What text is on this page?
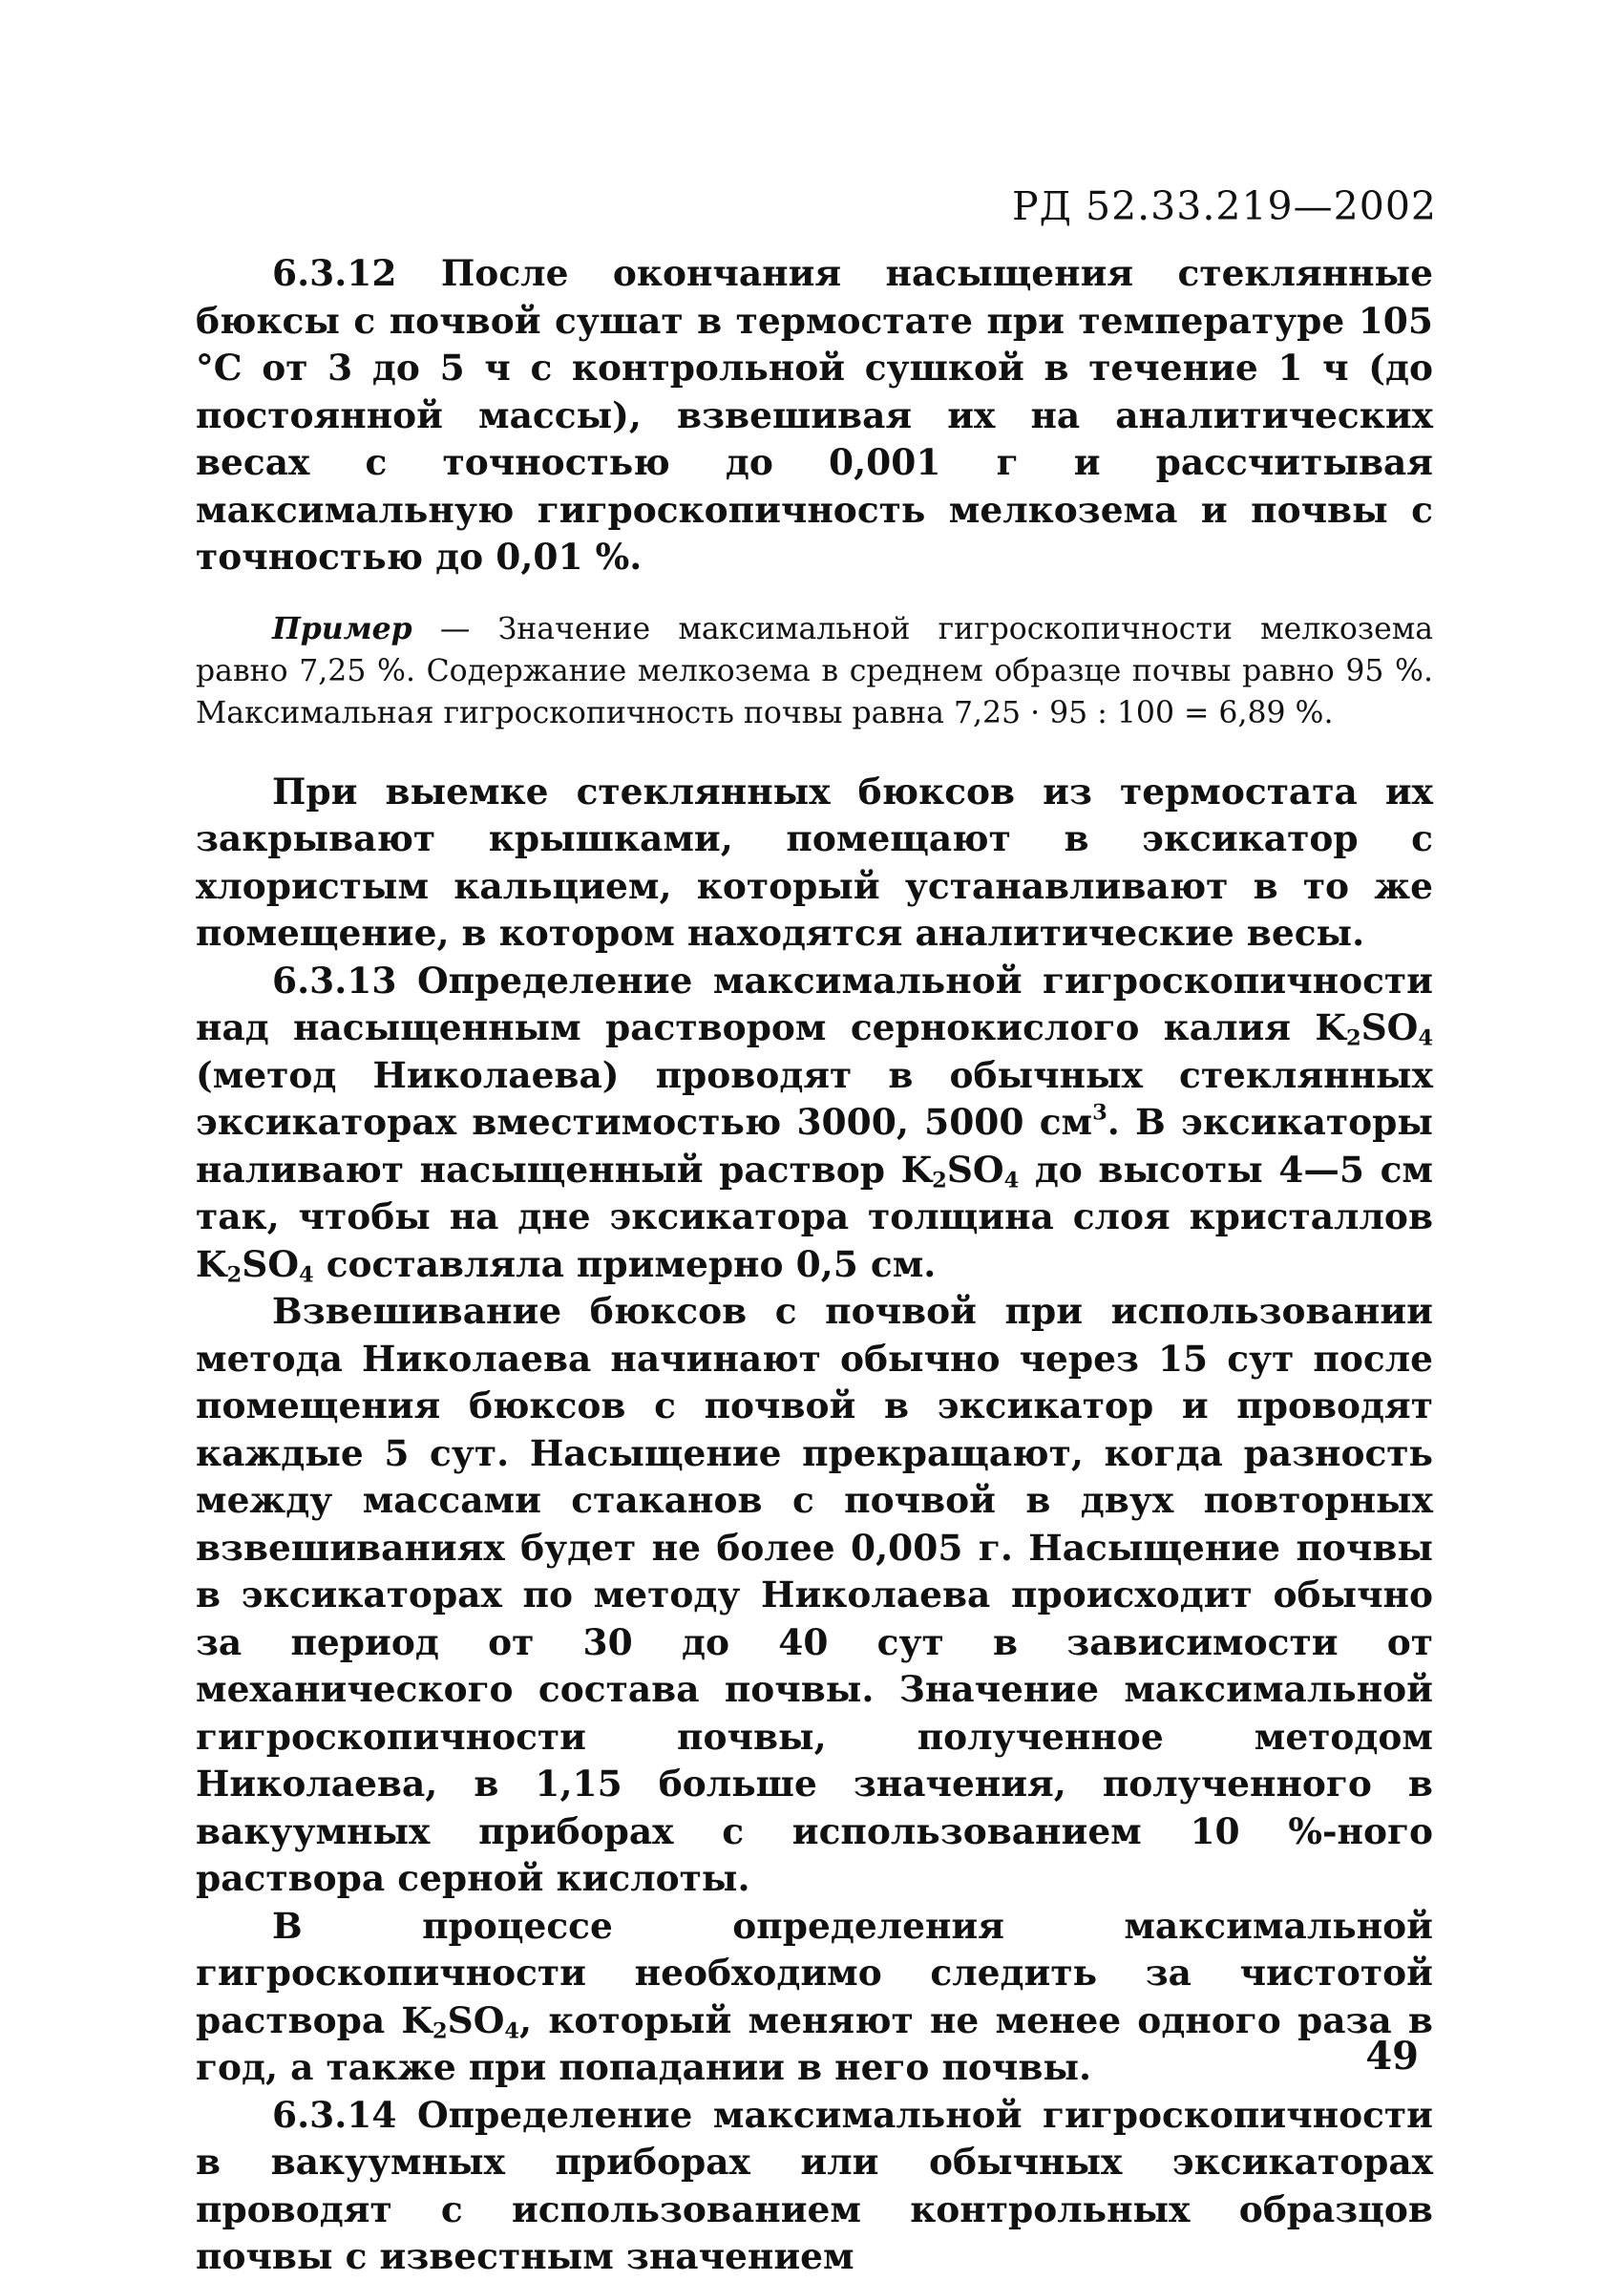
РД 52.33.219—2002

6.3.12 После окончания насыщения стеклянные бюксы с почвой сушат в термостате при температуре 105 °С от 3 до 5 ч с контрольной сушкой в течение 1 ч (до постоянной массы), взвешивая их на аналитических весах с точностью до 0,001 г и рассчитывая максимальную гигроскопичность мелкозема и почвы с точностью до 0,01 %.

Пример — Значение максимальной гигроскопичности мелкозема равно 7,25 %. Содержание мелкозема в среднем образце почвы равно 95 %. Максимальная гигроскопичность почвы равна 7,25 · 95 : 100 = 6,89 %.

При выемке стеклянных бюксов из термостата их закрывают крышками, помещают в эксикатор с хлористым кальцием, который устанавливают в то же помещение, в котором находятся аналитические весы.

6.3.13 Определение максимальной гигроскопичности над насыщенным раствором сернокислого калия $K_2SO_4$ (метод Николаева) проводят в обычных стеклянных эксикаторах вместимостью 3000, 5000 $см^3$. В эксикаторы наливают насыщенный раствор $K_2SO_4$ до высоты 4—5 см так, чтобы на дне эксикатора толщина слоя кристаллов $K_2SO_4$ составляла примерно 0,5 см.

Взвешивание бюксов с почвой при использовании метода Николаева начинают обычно через 15 сут после помещения бюксов с почвой в эксикатор и проводят каждые 5 сут. Насыщение прекращают, когда разность между массами стаканов с почвой в двух повторных взвешиваниях будет не более 0,005 г. Насыщение почвы в эксикаторах по методу Николаева происходит обычно за период от 30 до 40 сут в зависимости от механического состава почвы. Значение максимальной гигроскопичности почвы, полученное методом Николаева, в 1,15 больше значения, полученного в вакуумных приборах с использованием 10 %-ного раствора серной кислоты.

В процессе определения максимальной гигроскопичности необходимо следить за чистотой раствора $K_2SO_4$, который меняют не менее одного раза в год, а также при попадании в него почвы.

6.3.14 Определение максимальной гигроскопичности в вакуумных приборах или обычных эксикаторах проводят с использованием контрольных образцов почвы с известным значением

49
